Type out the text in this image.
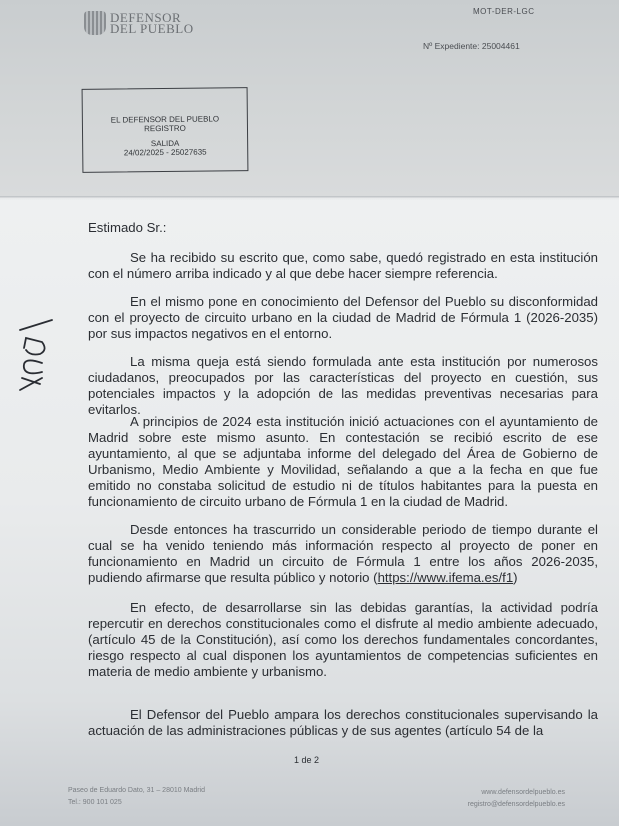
DEFENSOR
DEL PUEBLO
MOT-DER-LGC
Nº Expediente: 25004461
EL DEFENSOR DEL PUEBLO
REGISTRO
SALIDA
24/02/2025 - 25027635
Estimado Sr.:
Se ha recibido su escrito que, como sabe, quedó registrado en esta institución con el número arriba indicado y al que debe hacer siempre referencia.
En el mismo pone en conocimiento del Defensor del Pueblo su disconformidad con el proyecto de circuito urbano en la ciudad de Madrid de Fórmula 1 (2026-2035) por sus impactos negativos en el entorno.
La misma queja está siendo formulada ante esta institución por numerosos ciudadanos, preocupados por las características del proyecto en cuestión, sus potenciales impactos y la adopción de las medidas preventivas necesarias para evitarlos.
A principios de 2024 esta institución inició actuaciones con el ayuntamiento de Madrid sobre este mismo asunto. En contestación se recibió escrito de ese ayuntamiento, al que se adjuntaba informe del delegado del Área de Gobierno de Urbanismo, Medio Ambiente y Movilidad, señalando a que a la fecha en que fue emitido no constaba solicitud de estudio ni de títulos habitantes para la puesta en funcionamiento de circuito urbano de Fórmula 1 en la ciudad de Madrid.
Desde entonces ha trascurrido un considerable periodo de tiempo durante el cual se ha venido teniendo más información respecto al proyecto de poner en funcionamiento en Madrid un circuito de Fórmula 1 entre los años 2026-2035, pudiendo afirmarse que resulta público y notorio (https://www.ifema.es/f1)
En efecto, de desarrollarse sin las debidas garantías, la actividad podría repercutir en derechos constitucionales como el disfrute al medio ambiente adecuado, (artículo 45 de la Constitución), así como los derechos fundamentales concordantes, riesgo respecto al cual disponen los ayuntamientos de competencias suficientes en materia de medio ambiente y urbanismo.
El Defensor del Pueblo ampara los derechos constitucionales supervisando la actuación de las administraciones públicas y de sus agentes (artículo 54 de la
1 de 2
Paseo de Eduardo Dato, 31 – 28010 Madrid
Tel.: 900 101 025
www.defensordelpueblo.es
registro@defensordelpueblo.es
